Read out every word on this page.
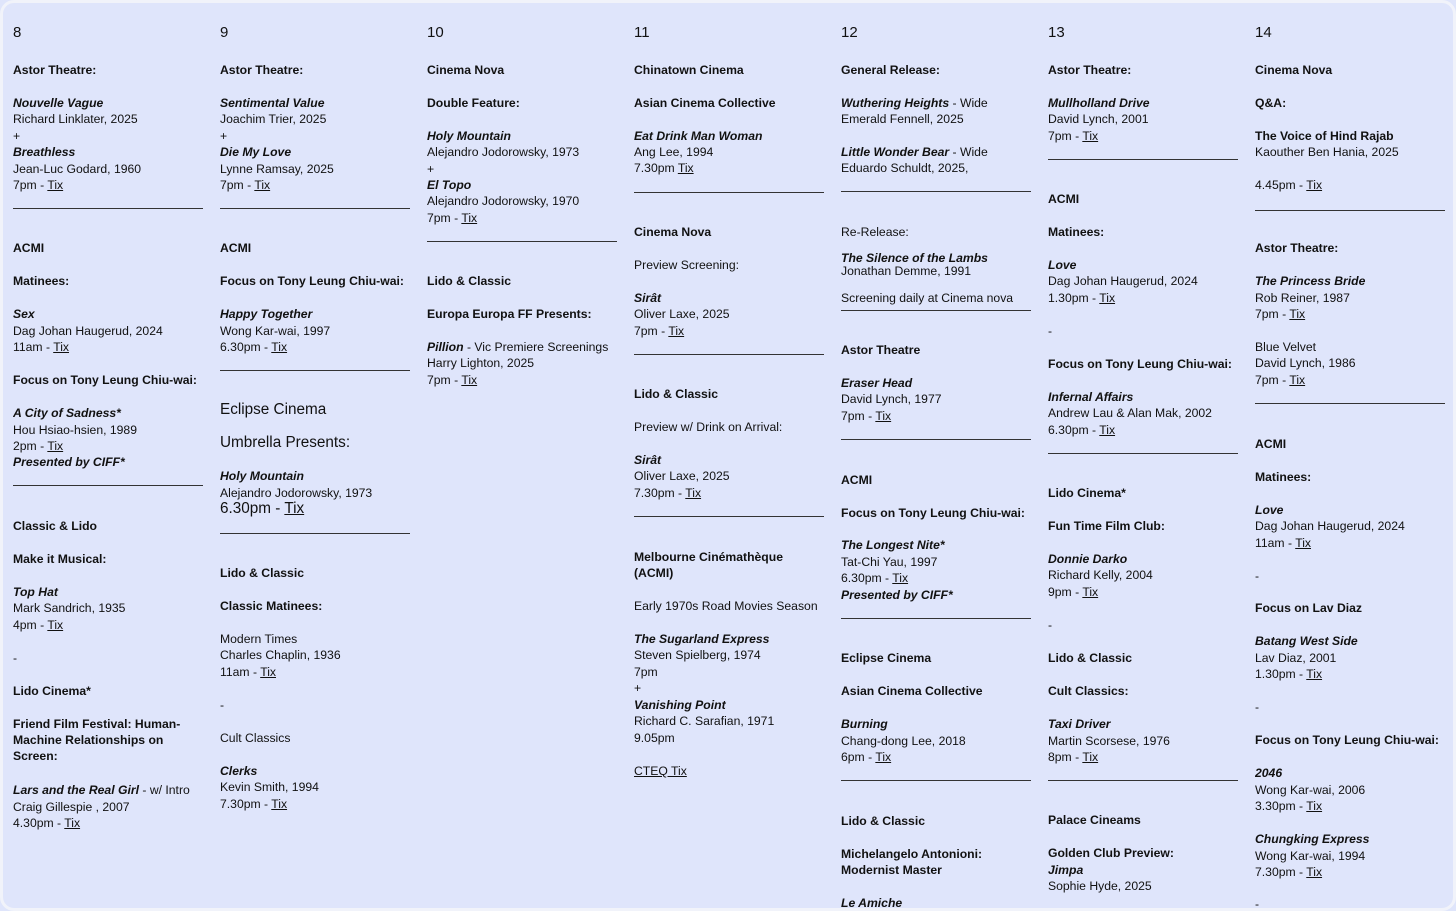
8
Astor Theatre:
Nouvelle Vague
Richard Linklater, 2025
+
Breathless
Jean-Luc Godard, 1960
7pm - Tix
ACMI
Matinees:
Sex
Dag Johan Haugerud, 2024
11am - Tix
Focus on Tony Leung Chiu-wai:
A City of Sadness*
Hou Hsiao-hsien, 1989
2pm - Tix
Presented by CIFF*
Classic & Lido
Make it Musical:
Top Hat
Mark Sandrich, 1935
4pm - Tix
-
Lido Cinema*
Friend Film Festival: Human-Machine Relationships on Screen:
Lars and the Real Girl - w/ Intro
Craig Gillespie , 2007
4.30pm - Tix
9
Astor Theatre:
Sentimental Value
Joachim Trier, 2025
+
Die My Love
Lynne Ramsay, 2025
7pm - Tix
ACMI
Focus on Tony Leung Chiu-wai:
Happy Together
Wong Kar-wai, 1997
6.30pm - Tix
Eclipse Cinema
Umbrella Presents:
Holy Mountain
Alejandro Jodorowsky, 1973
6.30pm - Tix
Lido & Classic
Classic Matinees:
Modern Times
Charles Chaplin, 1936
11am - Tix
-
Cult Classics
Clerks
Kevin Smith, 1994
7.30pm - Tix
10
Cinema Nova
Double Feature:
Holy Mountain
Alejandro Jodorowsky, 1973
+
El Topo
Alejandro Jodorowsky, 1970
7pm - Tix
Lido & Classic
Europa Europa FF Presents:
Pillion - Vic Premiere Screenings
Harry Lighton, 2025
7pm - Tix
11
Chinatown Cinema
Asian Cinema Collective
Eat Drink Man Woman
Ang Lee, 1994
7.30pm Tix
Cinema Nova
Preview Screening:
Sirât
Oliver Laxe, 2025
7pm - Tix
Lido & Classic
Preview w/ Drink on Arrival:
Sirât
Oliver Laxe, 2025
7.30pm - Tix
Melbourne Cinémathèque
(ACMI)
Early 1970s Road Movies Season
The Sugarland Express
Steven Spielberg, 1974
7pm
+
Vanishing Point
Richard C. Sarafian, 1971
9.05pm
CTEQ Tix
12
General Release:
Wuthering Heights - Wide
Emerald Fennell, 2025
Little Wonder Bear - Wide
Eduardo Schuldt, 2025,
Re-Release:
The Silence of the Lambs
Jonathan Demme, 1991
Screening daily at Cinema nova
Astor Theatre
Eraser Head
David Lynch, 1977
7pm - Tix
ACMI
Focus on Tony Leung Chiu-wai:
The Longest Nite*
Tat-Chi Yau, 1997
6.30pm - Tix
Presented by CIFF*
Eclipse Cinema
Asian Cinema Collective
Burning
Chang-dong Lee, 2018
6pm - Tix
Lido & Classic
Michelangelo Antonioni:
Modernist Master
Le Amiche
13
Astor Theatre:
Mullholland Drive
David Lynch, 2001
7pm - Tix
ACMI
Matinees:
Love
Dag Johan Haugerud, 2024
1.30pm - Tix
-
Focus on Tony Leung Chiu-wai:
Infernal Affairs
Andrew Lau & Alan Mak, 2002
6.30pm - Tix
Lido Cinema*
Fun Time Film Club:
Donnie Darko
Richard Kelly, 2004
9pm - Tix
-
Lido & Classic
Cult Classics:
Taxi Driver
Martin Scorsese, 1976
8pm - Tix
Palace Cineams
Golden Club Preview:
Jimpa
Sophie Hyde, 2025
14
Cinema Nova
Q&A:
The Voice of Hind Rajab
Kaouther Ben Hania, 2025
4.45pm - Tix
Astor Theatre:
The Princess Bride
Rob Reiner, 1987
7pm - Tix
Blue Velvet
David Lynch, 1986
7pm - Tix
ACMI
Matinees:
Love
Dag Johan Haugerud, 2024
11am - Tix
-
Focus on Lav Diaz
Batang West Side
Lav Diaz, 2001
1.30pm - Tix
-
Focus on Tony Leung Chiu-wai:
2046
Wong Kar-wai, 2006
3.30pm - Tix
Chungking Express
Wong Kar-wai, 1994
7.30pm - Tix
-
